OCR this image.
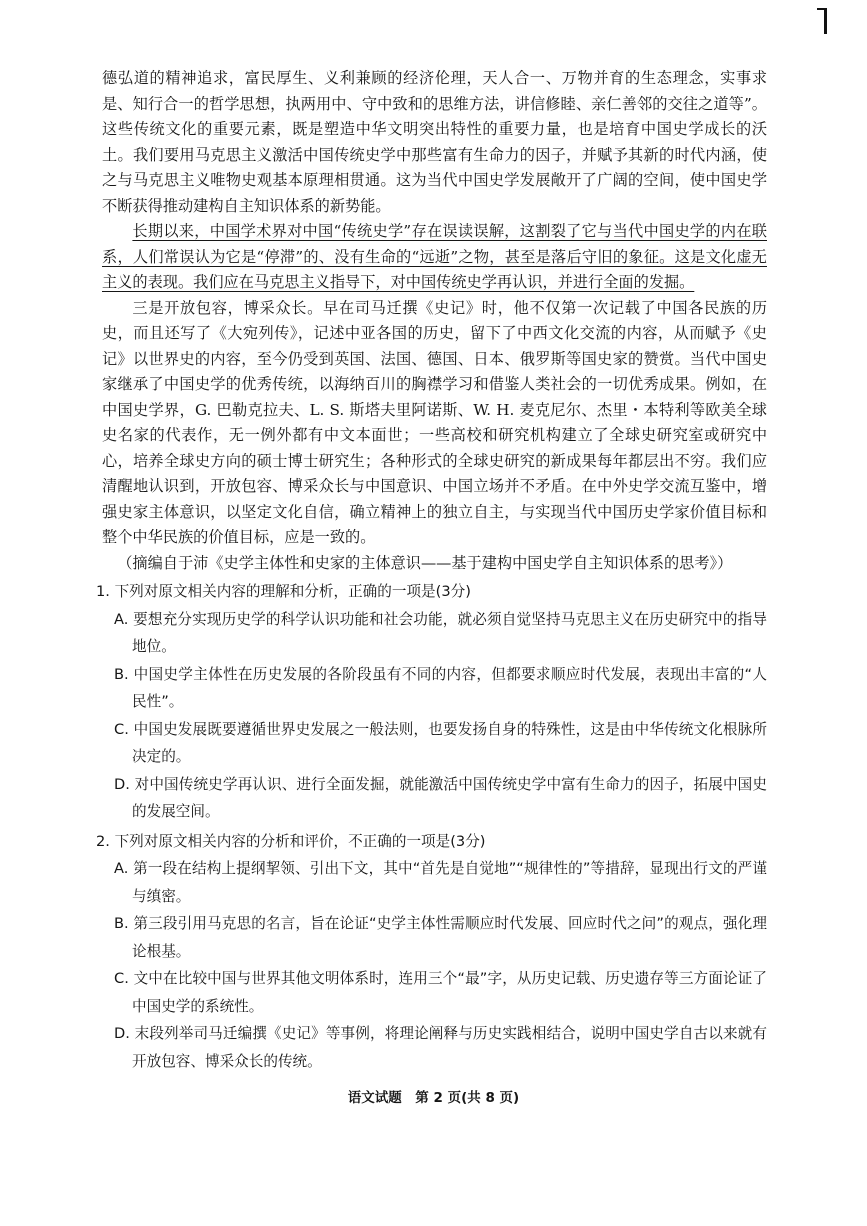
德弘道的精神追求，富民厚生、义利兼顾的经济伦理，天人合一、万物并育的生态理念，实事求是、知行合一的哲学思想，执两用中、守中致和的思维方法，讲信修睦、亲仁善邻的交往之道等”。这些传统文化的重要元素，既是塑造中华文明突出特性的重要力量，也是培育中国史学成长的沃土。我们要用马克思主义激活中国传统史学中那些富有生命力的因子，并赋予其新的时代内涵，使之与马克思主义唯物史观基本原理相贯通。这为当代中国史学发展敞开了广阔的空间，使中国史学不断获得推动建构自主知识体系的新势能。

长期以来，中国学术界对中国“传统史学”存在误读误解，这割裂了它与当代中国史学的内在联系，人们常误认为它是“停滞”的、没有生命的“远逝”之物，甚至是落后守旧的象征。这是文化虚无主义的表现。我们应在马克思主义指导下，对中国传统史学再认识，并进行全面的发掘。

三是开放包容，博采众长。早在司马迁撰《史记》时，他不仅第一次记载了中国各民族的历史，而且还写了《大宛列传》，记述中亚各国的历史，留下了中西文化交流的内容，从而赋予《史记》以世界史的内容，至今仍受到英国、法国、德国、日本、俄罗斯等国史家的赞赏。当代中国史家继承了中国史学的优秀传统，以海纳百川的胸襟学习和借鉴人类社会的一切优秀成果。例如，在中国史学界，G. 巴勒克拉夫、L. S. 斯塔夫里阿诺斯、W. H. 麦克尼尔、杰里・本特利等欧美全球史名家的代表作，无一例外都有中文本面世；一些高校和研究机构建立了全球史研究室或研究中心，培养全球史方向的硕士博士研究生；各种形式的全球史研究的新成果每年都层出不穷。我们应清醒地认识到，开放包容、博采众长与中国意识、中国立场并不矛盾。在中外史学交流互鉴中，增强史家主体意识，以坚定文化自信，确立精神上的独立自主，与实现当代中国历史学家价值目标和整个中华民族的价值目标，应是一致的。

（摘编自于沛《史学主体性和史家的主体意识——基于建构中国史学自主知识体系的思考》）

1. 下列对原文相关内容的理解和分析，正确的一项是(3分)

A. 要想充分实现历史学的科学认识功能和社会功能，就必须自觉坚持马克思主义在历史研究中的指导地位。

B. 中国史学主体性在历史发展的各阶段虽有不同的内容，但都要求顺应时代发展，表现出丰富的“人民性”。

C. 中国史发展既要遵循世界史发展之一般法则，也要发扬自身的特殊性，这是由中华传统文化根脉所决定的。

D. 对中国传统史学再认识、进行全面发掘，就能激活中国传统史学中富有生命力的因子，拓展中国史的发展空间。

2. 下列对原文相关内容的分析和评价，不正确的一项是(3分)

A. 第一段在结构上提纲挈领、引出下文，其中“首先是自觉地”“规律性的”等措辞，显现出行文的严谨与缜密。

B. 第三段引用马克思的名言，旨在论证“史学主体性需顺应时代发展、回应时代之问”的观点，强化理论根基。

C. 文中在比较中国与世界其他文明体系时，连用三个“最”字，从历史记载、历史遗存等三方面论证了中国史学的系统性。

D. 末段列举司马迁编撰《史记》等事例，将理论阐释与历史实践相结合，说明中国史学自古以来就有开放包容、博采众长的传统。

语文试题　第 2 页(共 8 页)
